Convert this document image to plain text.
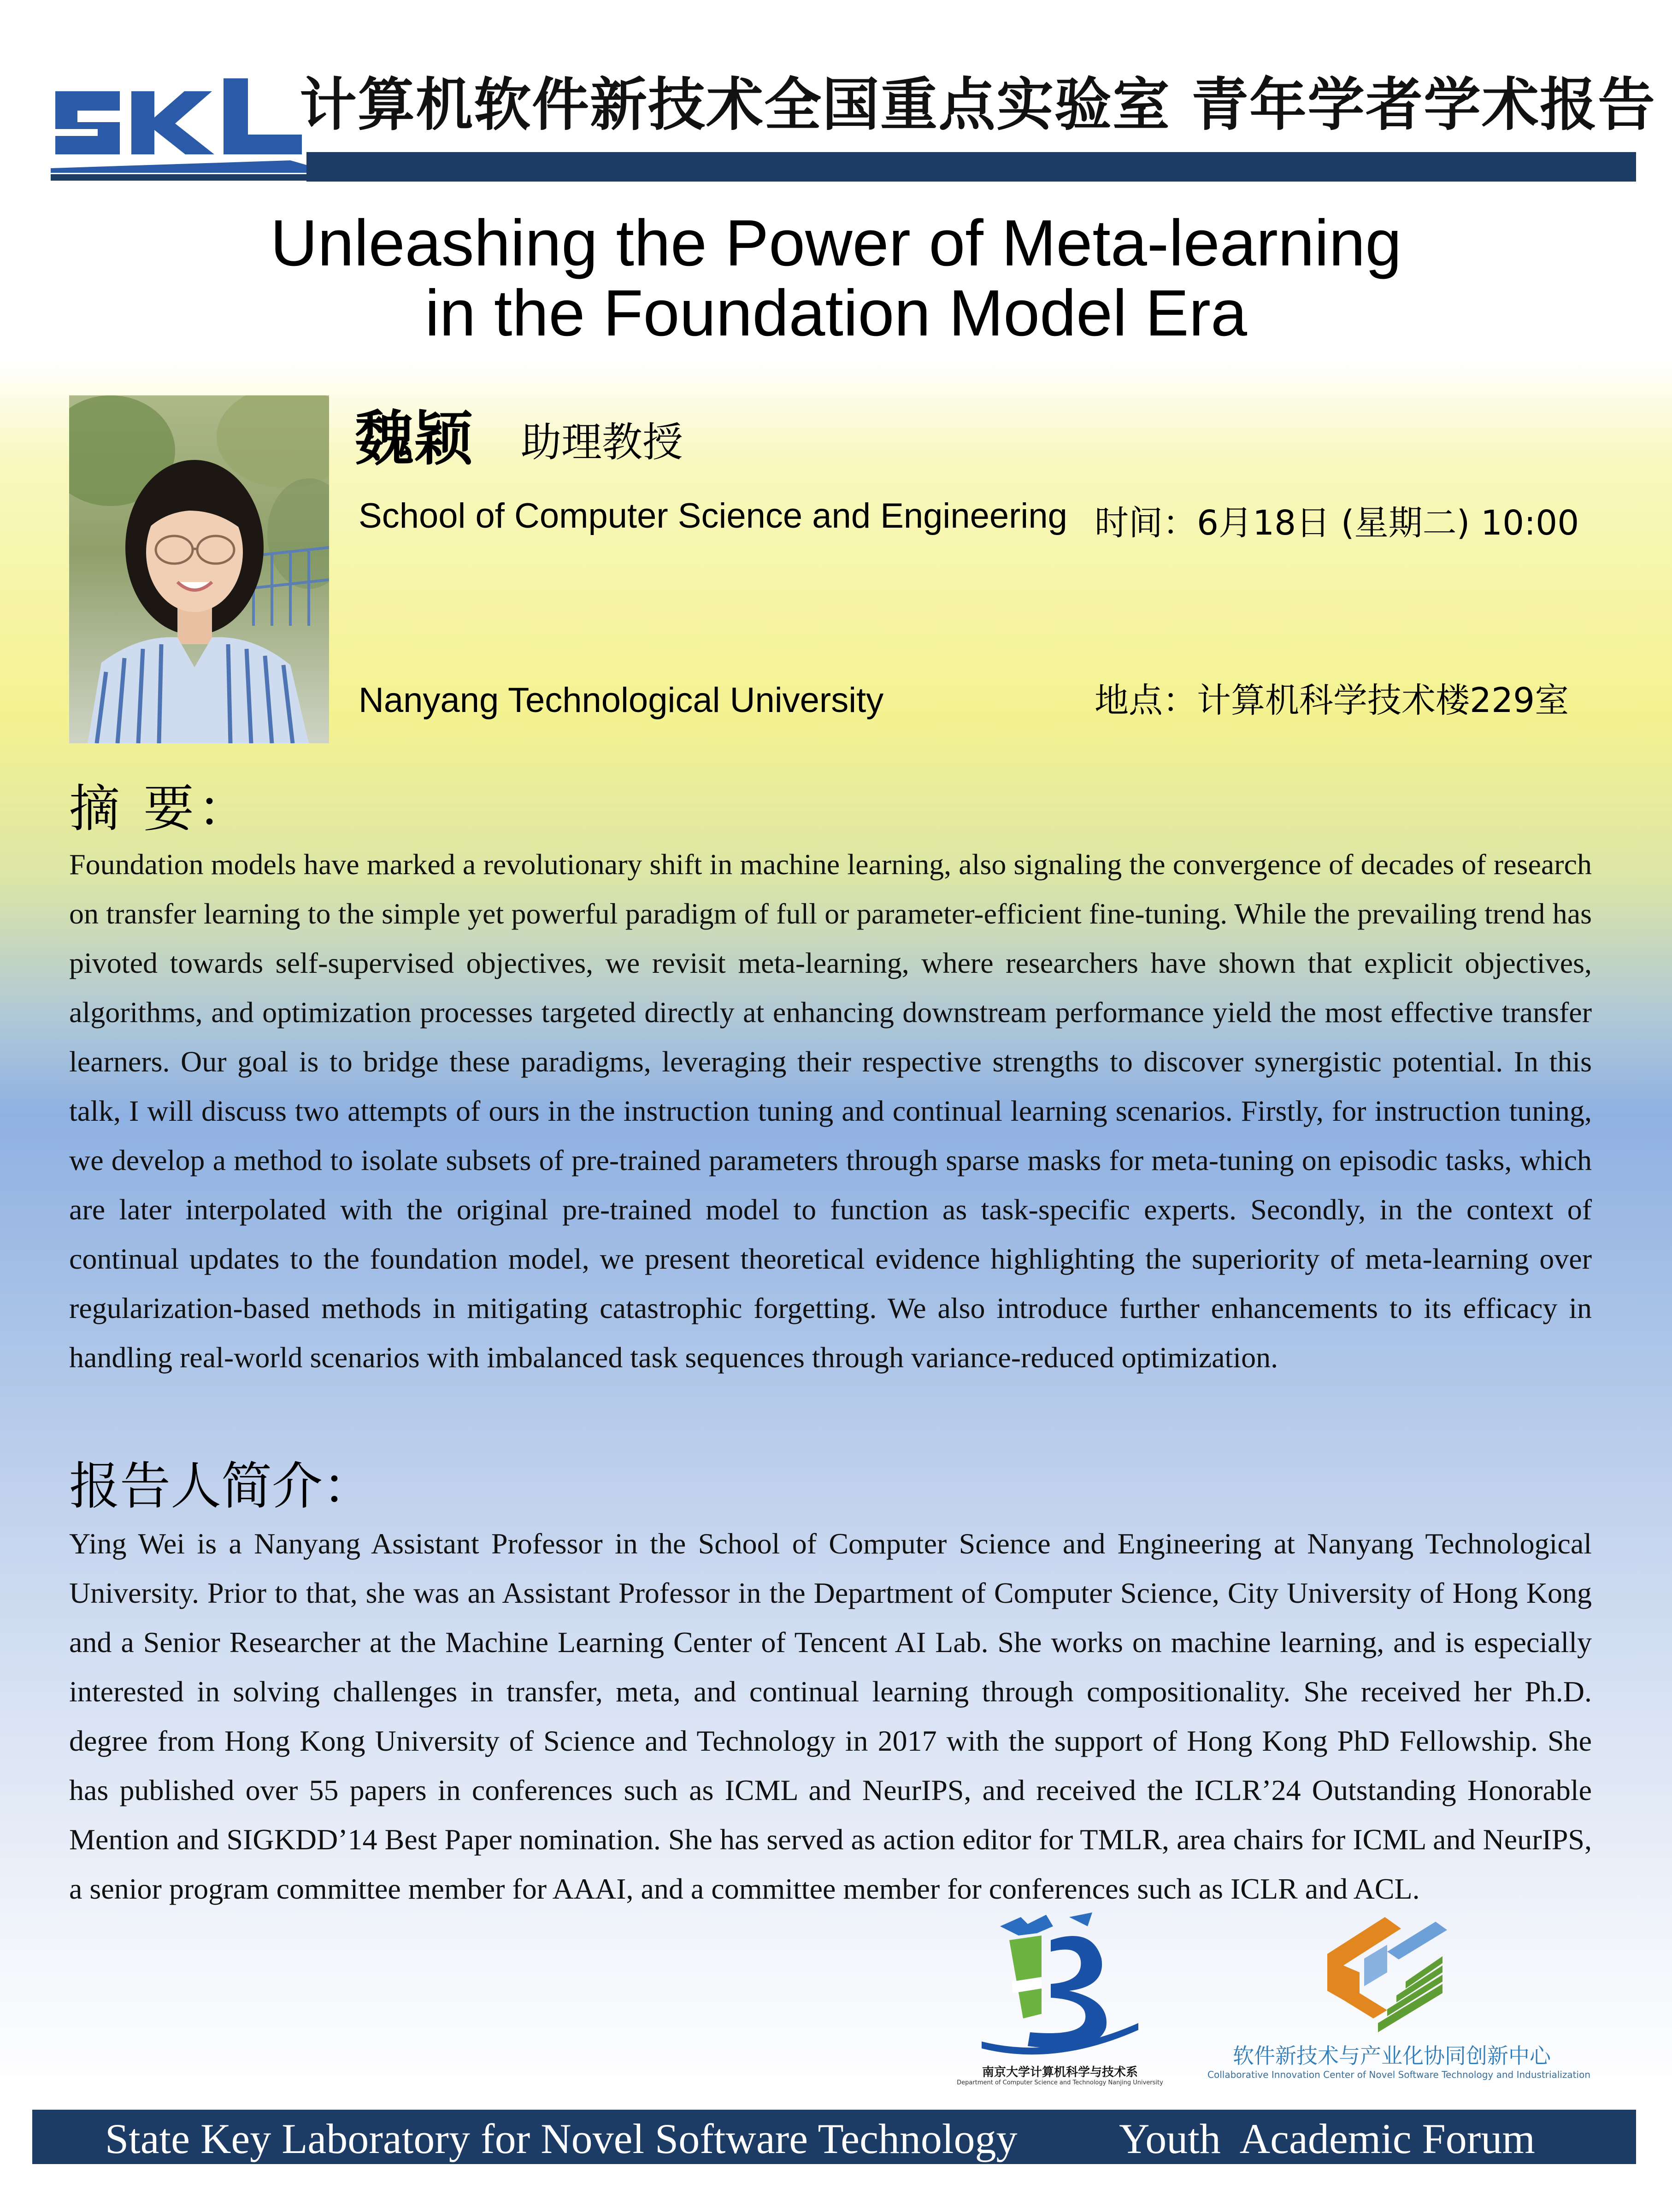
计算机软件新技术全国重点实验室 青年学者学术报告
Unleashing the Power of Meta-learning
in the Foundation Model Era
魏颖 助理教授
School of Computer Science and Engineering
Nanyang Technological University
时间：6月18日 (星期二) 10:00
地点：计算机科学技术楼229室
摘 要：
Foundation models have marked a revolutionary shift in machine learning, also signaling the convergence of decades of research on transfer learning to the simple yet powerful paradigm of full or parameter-efficient fine-tuning. While the prevailing trend has pivoted towards self-supervised objectives, we revisit meta-learning, where researchers have shown that explicit objectives, algorithms, and optimization processes targeted directly at enhancing downstream performance yield the most effective transfer learners. Our goal is to bridge these paradigms, leveraging their respective strengths to discover synergistic potential. In this talk, I will discuss two attempts of ours in the instruction tuning and continual learning scenarios. Firstly, for instruction tuning, we develop a method to isolate subsets of pre-trained parameters through sparse masks for meta-tuning on episodic tasks, which are later interpolated with the original pre-trained model to function as task-specific experts. Secondly, in the context of continual updates to the foundation model, we present theoretical evidence highlighting the superiority of meta-learning over regularization-based methods in mitigating catastrophic forgetting. We also introduce further enhancements to its efficacy in handling real-world scenarios with imbalanced task sequences through variance-reduced optimization.
报告人简介：
Ying Wei is a Nanyang Assistant Professor in the School of Computer Science and Engineering at Nanyang Technological University. Prior to that, she was an Assistant Professor in the Department of Computer Science, City University of Hong Kong and a Senior Researcher at the Machine Learning Center of Tencent AI Lab. She works on machine learning, and is especially interested in solving challenges in transfer, meta, and continual learning through compositionality. She received her Ph.D. degree from Hong Kong University of Science and Technology in 2017 with the support of Hong Kong PhD Fellowship. She has published over 55 papers in conferences such as ICML and NeurIPS, and received the ICLR’24 Outstanding Honorable Mention and SIGKDD’14 Best Paper nomination. She has served as action editor for TMLR, area chairs for ICML and NeurIPS, a senior program committee member for AAAI, and a committee member for conferences such as ICLR and ACL.
南京大学计算机科学与技术系
Department of Computer Science and Technology Nanjing University
软件新技术与产业化协同创新中心
Collaborative Innovation Center of Novel Software Technology and Industrialization
State Key Laboratory for Novel Software Technology Youth  Academic Forum
